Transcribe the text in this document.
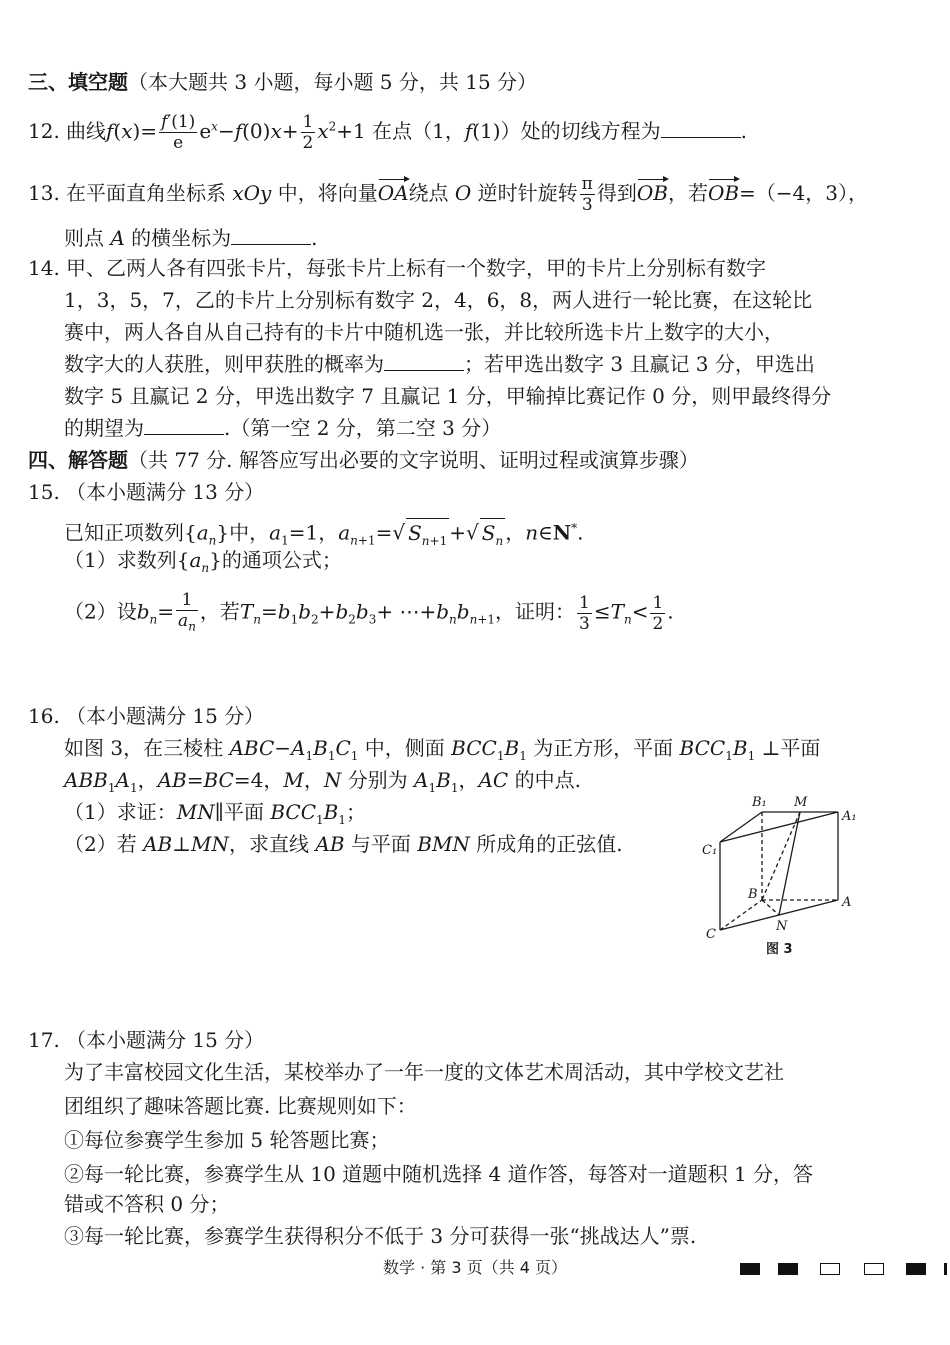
三、填空题（本大题共 3 小题，每小题 5 分，共 15 分）
12. 曲线$f(x)= \frac{f'(1)}{e} e^x-f(0)x+ \frac{1}{2} x^2+1$ 在点（1，f(1)）处的切线方程为	.
13. 在平面直角坐标系 xOy 中，将向量OA绕点 O 逆时针旋转 $\frac{\pi}{3}$ 得到OB，若OB=（−4，3），
则点 A 的横坐标为	.
14. 甲、乙两人各有四张卡片，每张卡片上标有一个数字，甲的卡片上分别标有数字
1，3，5，7，乙的卡片上分别标有数字 2，4，6，8，两人进行一轮比赛，在这轮比
赛中，两人各自从自己持有的卡片中随机选一张，并比较所选卡片上数字的大小，
数字大的人获胜，则甲获胜的概率为	；若甲选出数字 3 且赢记 3 分，甲选出
数字 5 且赢记 2 分，甲选出数字 7 且赢记 1 分，甲输掉比赛记作 0 分，则甲最终得分
的期望为	.（第一空 2 分，第二空 3 分）
四、解答题（共 77 分. 解答应写出必要的文字说明、证明过程或演算步骤）
15. （本小题满分 13 分）
已知正项数列$\{a_n\}$中，$a_1=1$，$a_{n+1}=√$ $S_{n+1}$ +√ $S_n$ ，n∈N*.
（1）求数列$\{a_n\}$的通项公式；
（2）设$b_n= \frac{1}{a_n}$ ，若$T_n=b_1b_2+b_2b_3+$ $\cdots+b_nb_{n+1}$，证明： $\frac{1}{3} \le T_n< \frac{1}{2}$ .
16. （本小题满分 15 分）
如图 3，在三棱柱 $ABC-A_1B_1C_1$ 中，侧面 $BCC_1B_1$ 为正方形，平面 $BCC_1B_1$ ⊥平面
$ABB_1A_1$，AB=BC=4，M，N 分别为 $A_1B_1$，AC 的中点.
（1）求证：MN∥平面 $BCC_1B_1$；
（2）若 AB⊥MN，求直线 AB 与平面 BMN 所成角的正弦值.
B₁ M
A₁
C₁
B
A
N
C
图 3
17. （本小题满分 15 分）
为了丰富校园文化生活，某校举办了一年一度的文体艺术周活动，其中学校文艺社
团组织了趣味答题比赛. 比赛规则如下：
①每位参赛学生参加 5 轮答题比赛；
②每一轮比赛，参赛学生从 10 道题中随机选择 4 道作答，每答对一道题积 1 分，答
错或不答积 0 分；
③每一轮比赛，参赛学生获得积分不低于 3 分可获得一张“挑战达人”票.
数学 · 第 3 页（共 4 页）
